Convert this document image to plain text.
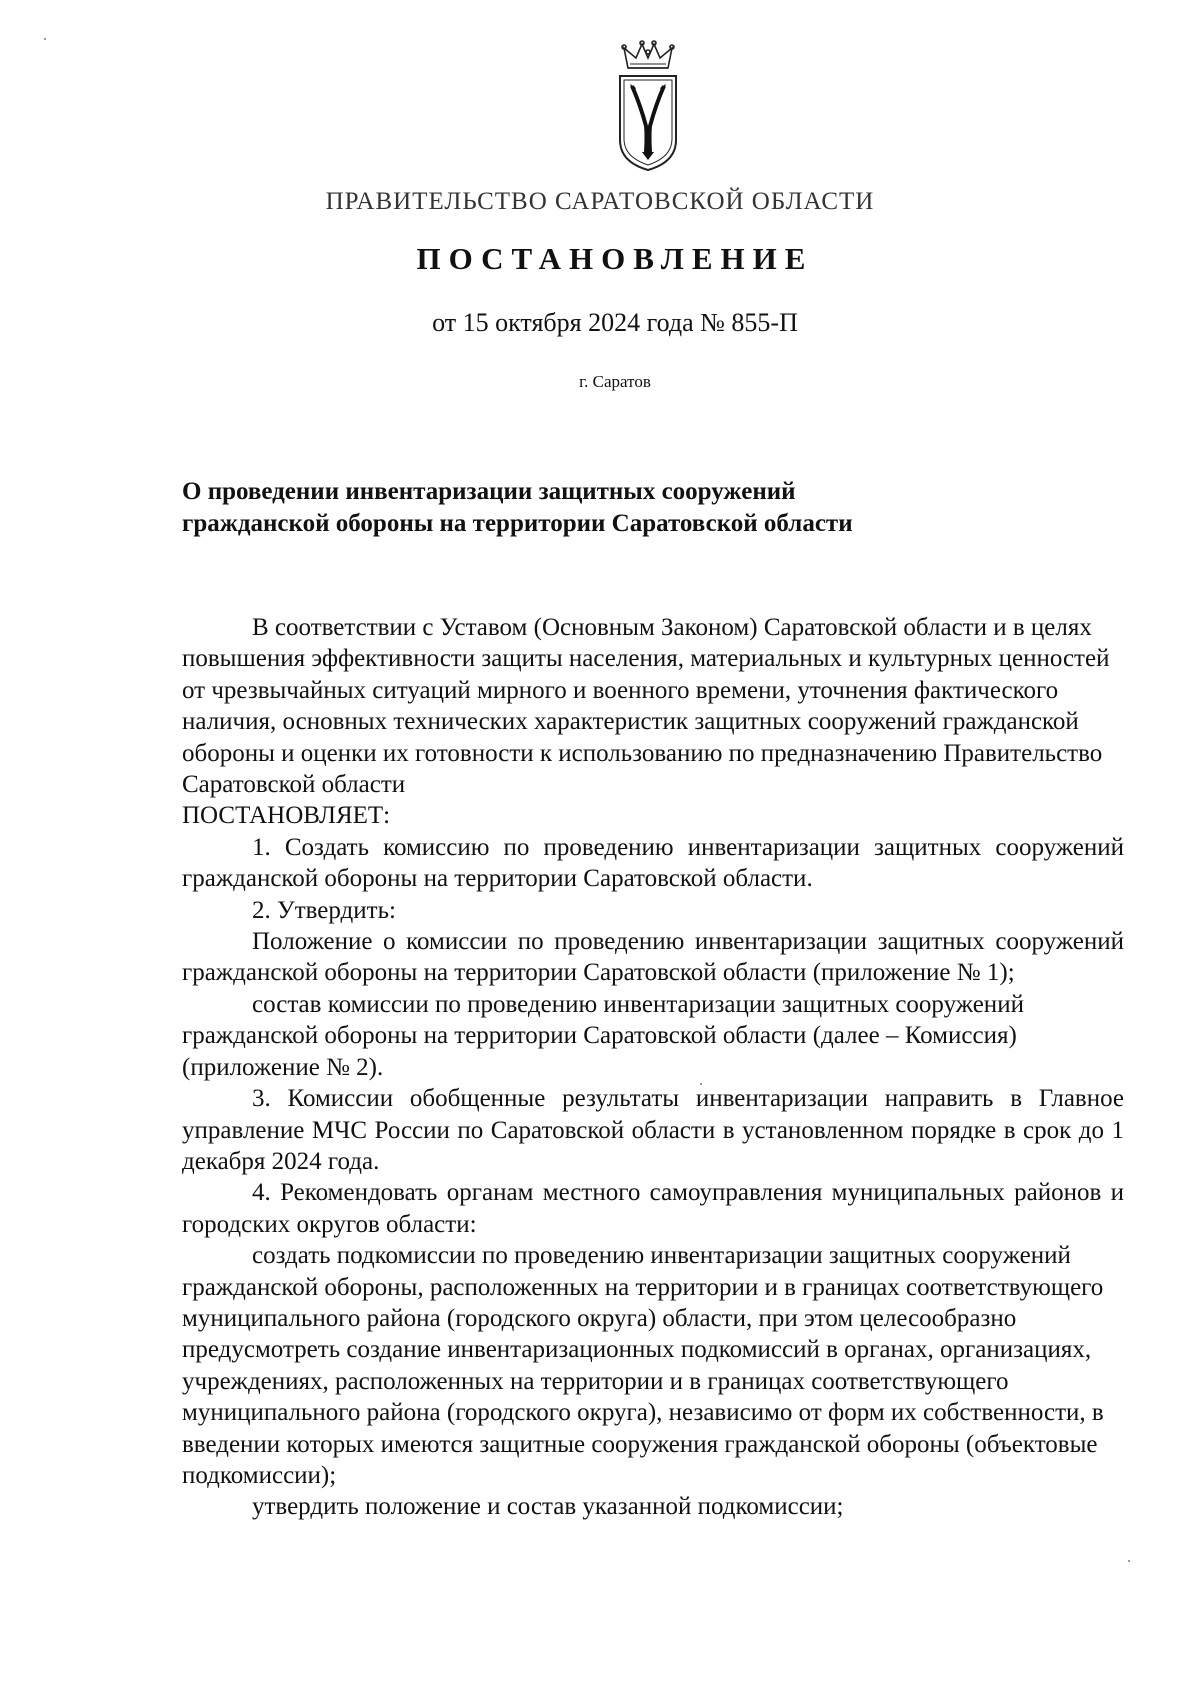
ПРАВИТЕЛЬСТВО САРАТОВСКОЙ ОБЛАСТИ
ПОСТАНОВЛЕНИЕ
от 15 октября 2024 года № 855-П
г. Саратов
О проведении инвентаризации защитных сооружений
гражданской обороны на территории Саратовской области

В соответствии с Уставом (Основным Законом) Саратовской области и в целях повышения эффективности защиты населения, материальных и культурных ценностей от чрезвычайных ситуаций мирного и военного времени, уточнения фактического наличия, основных технических характеристик защитных сооружений гражданской обороны и оценки их готовности к использованию по предназначению Правительство Саратовской области

ПОСТАНОВЛЯЕТ:

1. Создать комиссию по проведению инвентаризации защитных сооружений гражданской обороны на территории Саратовской области.

2. Утвердить:

Положение о комиссии по проведению инвентаризации защитных сооружений гражданской обороны на территории Саратовской области (приложение № 1);

состав комиссии по проведению инвентаризации защитных сооружений гражданской обороны на территории Саратовской области (далее – Комиссия) (приложение № 2).

3. Комиссии обобщенные результаты инвентаризации направить в Главное управление МЧС России по Саратовской области в установленном порядке в срок до 1 декабря 2024 года.

4. Рекомендовать органам местного самоуправления муниципальных районов и городских округов области:

создать подкомиссии по проведению инвентаризации защитных сооружений гражданской обороны, расположенных на территории и в границах соответствующего муниципального района (городского округа) области, при этом целесообразно предусмотреть создание инвентаризационных подкомиссий в органах, организациях, учреждениях, расположенных на территории и в границах соответствующего муниципального района (городского округа), независимо от форм их собственности, в введении которых имеются защитные сооружения гражданской обороны (объектовые подкомиссии);

утвердить положение и состав указанной подкомиссии;
